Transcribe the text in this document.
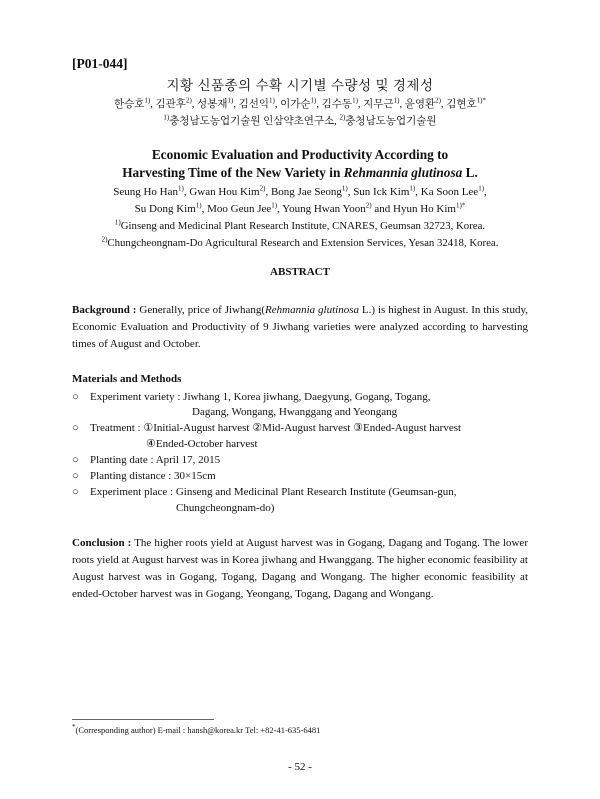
[P01-044]
지황 신품종의 수확 시기별 수량성 및 경제성
한승호$^{1)}$, 김관후$^{2)}$, 성봉재$^{1)}$, 김선익$^{1)}$, 이가순$^{1)}$, 김수동$^{1)}$, 지무근$^{1)}$, 윤영환$^{2)}$, 김현호$^{1)*}$
$^{1)}$충청남도농업기술원 인삼약초연구소, $^{2)}$충청남도농업기술원
Economic Evaluation and Productivity According to
Harvesting Time of the New Variety in Rehmannia glutinosa L.
Seung Ho Han$^{1)}$, Gwan Hou Kim$^{2)}$, Bong Jae Seong$^{1)}$, Sun Ick Kim$^{1)}$, Ka Soon Lee$^{1)}$,
Su Dong Kim$^{1)}$, Moo Geun Jee$^{1)}$, Young Hwan Yoon$^{2)}$ and Hyun Ho Kim$^{1)*}$
$^{1)}$Ginseng and Medicinal Plant Research Institute, CNARES, Geumsan 32723, Korea.
$^{2)}$Chungcheongnam-Do Agricultural Research and Extension Services, Yesan 32418, Korea.
ABSTRACT
Background : Generally, price of Jiwhang(Rehmannia glutinosa L.) is highest in August. In this study, Economic Evaluation and Productivity of 9 Jiwhang varieties were analyzed according to harvesting times of August and October.
Materials and Methods
○ Experiment variety : Jiwhang 1, Korea jiwhang, Daegyung, Gogang, Togang,
Dagang, Wongang, Hwanggang and Yeongang
○ Treatment : ①Initial-August harvest ②Mid-August harvest ③Ended-August harvest
④Ended-October harvest
○ Planting date : April 17, 2015
○ Planting distance : 30×15cm
○ Experiment place : Ginseng and Medicinal Plant Research Institute (Geumsan-gun,
Chungcheongnam-do)
Conclusion : The higher roots yield at August harvest was in Gogang, Dagang and Togang. The lower roots yield at August harvest was in Korea jiwhang and Hwanggang. The higher economic feasibility at August harvest was in Gogang, Togang, Dagang and Wongang. The higher economic feasibility at ended-October harvest was in Gogang, Yeongang, Togang, Dagang and Wongang.
*(Corresponding author) E-mail : hansh@korea.kr Tel: +82-41-635-6481
- 52 -
